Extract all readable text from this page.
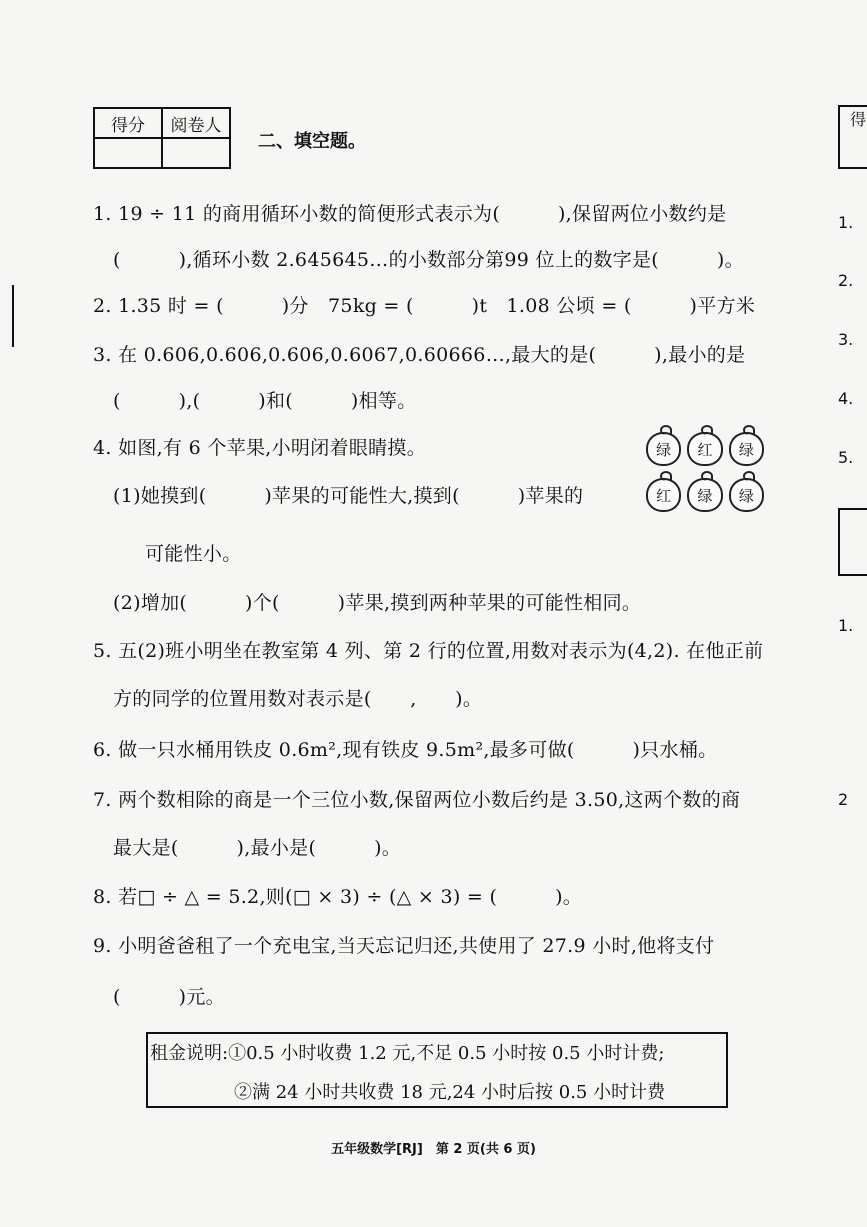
得分	阅卷人

二、填空题。
1. 19 ÷ 11 的商用循环小数的简便形式表示为(　　　),保留两位小数约是
(　　　),循环小数 2.645645…的小数部分第99 位上的数字是(　　　)。
2. 1.35 时 = (　　　)分　75kg = (　　　)t　1.08 公顷 = (　　　)平方米
3. 在 0.606,0.606,0.606,0.6067,0.60666…,最大的是(　　　),最小的是
(　　　),(　　　)和(　　　)相等。
4. 如图,有 6 个苹果,小明闭着眼睛摸。
(1)她摸到(　　　)苹果的可能性大,摸到(　　　)苹果的
可能性小。
(2)增加(　　　)个(　　　)苹果,摸到两种苹果的可能性相同。
5. 五(2)班小明坐在教室第 4 列、第 2 行的位置,用数对表示为(4,2). 在他正前
方的同学的位置用数对表示是(　　,　　)。
6. 做一只水桶用铁皮 0.6m²,现有铁皮 9.5m²,最多可做(　　　)只水桶。
7. 两个数相除的商是一个三位小数,保留两位小数后约是 3.50,这两个数的商
最大是(　　　),最小是(　　　)。
8. 若□ ÷ △ = 5.2,则(□ × 3) ÷ (△ × 3) = (　　　)。
9. 小明爸爸租了一个充电宝,当天忘记归还,共使用了 27.9 小时,他将支付
(　　　)元。
绿 红 绿
红 绿 绿
租金说明:①0.5 小时收费 1.2 元,不足 0.5 小时按 0.5 小时计费;
②满 24 小时共收费 18 元,24 小时后按 0.5 小时计费
五年级数学[RJ]　第 2 页(共 6 页)
得
1.
2.
3.
4.
5.
1.
2
